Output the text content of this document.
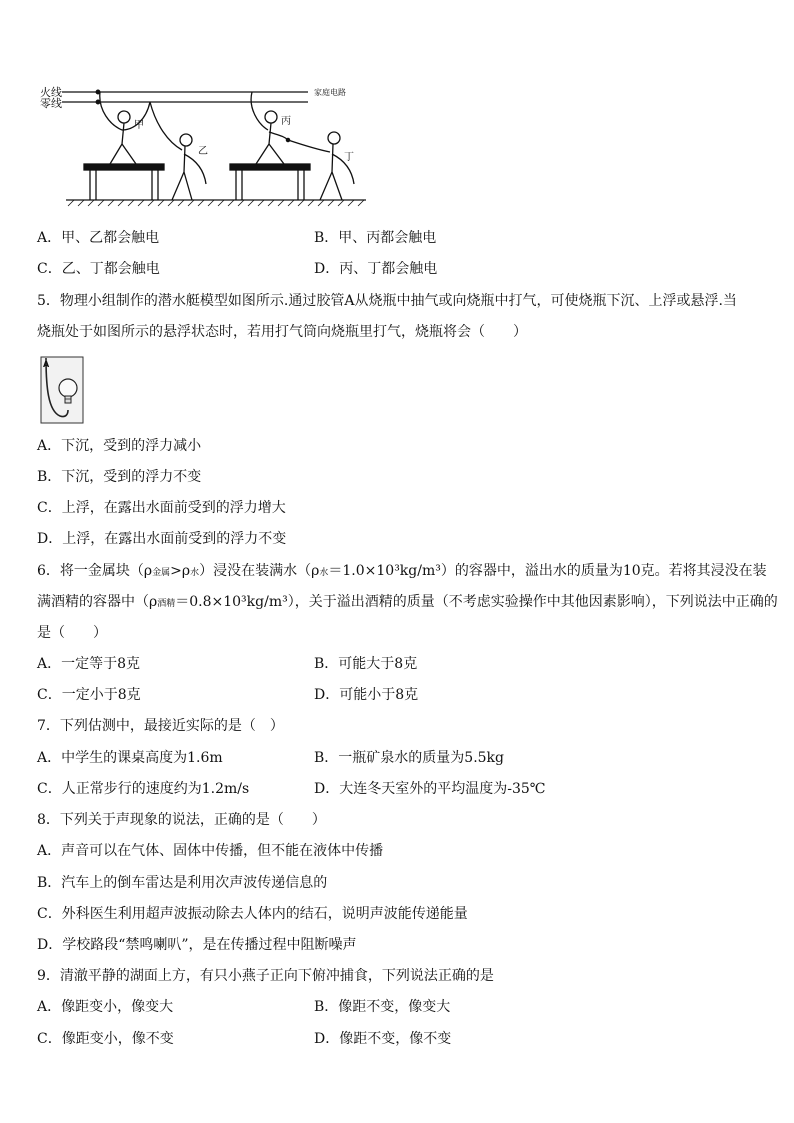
火线
零线
家庭电路
甲
乙
丙
丁
A．甲、乙都会触电	B．甲、丙都会触电
C．乙、丁都会触电	D．丙、丁都会触电
5．物理小组制作的潜水艇模型如图所示.通过胶管A从烧瓶中抽气或向烧瓶中打气，可使烧瓶下沉、上浮或悬浮.当
烧瓶处于如图所示的悬浮状态时，若用打气筒向烧瓶里打气，烧瓶将会（　　）
A
A．下沉，受到的浮力减小
B．下沉，受到的浮力不变
C．上浮，在露出水面前受到的浮力增大
D．上浮，在露出水面前受到的浮力不变
6．将一金属块（ρ金属>ρ水）浸没在装满水（ρ水＝1.0×10³kg/m³）的容器中，溢出水的质量为10克。若将其浸没在装
满酒精的容器中（ρ酒精＝0.8×10³kg/m³），关于溢出酒精的质量（不考虑实验操作中其他因素影响），下列说法中正确的
是（　　）
A．一定等于8克	B．可能大于8克
C．一定小于8克	D．可能小于8克
7．下列估测中，最接近实际的是（　）
A．中学生的课桌高度为1.6m	B．一瓶矿泉水的质量为5.5kg
C．人正常步行的速度约为1.2m/s	D．大连冬天室外的平均温度为-35℃
8．下列关于声现象的说法，正确的是（　　）
A．声音可以在气体、固体中传播，但不能在液体中传播
B．汽车上的倒车雷达是利用次声波传递信息的
C．外科医生利用超声波振动除去人体内的结石，说明声波能传递能量
D．学校路段“禁鸣喇叭”，是在传播过程中阻断噪声
9．清澈平静的湖面上方，有只小燕子正向下俯冲捕食，下列说法正确的是
A．像距变小，像变大	B．像距不变，像变大
C．像距变小，像不变	D．像距不变，像不变
